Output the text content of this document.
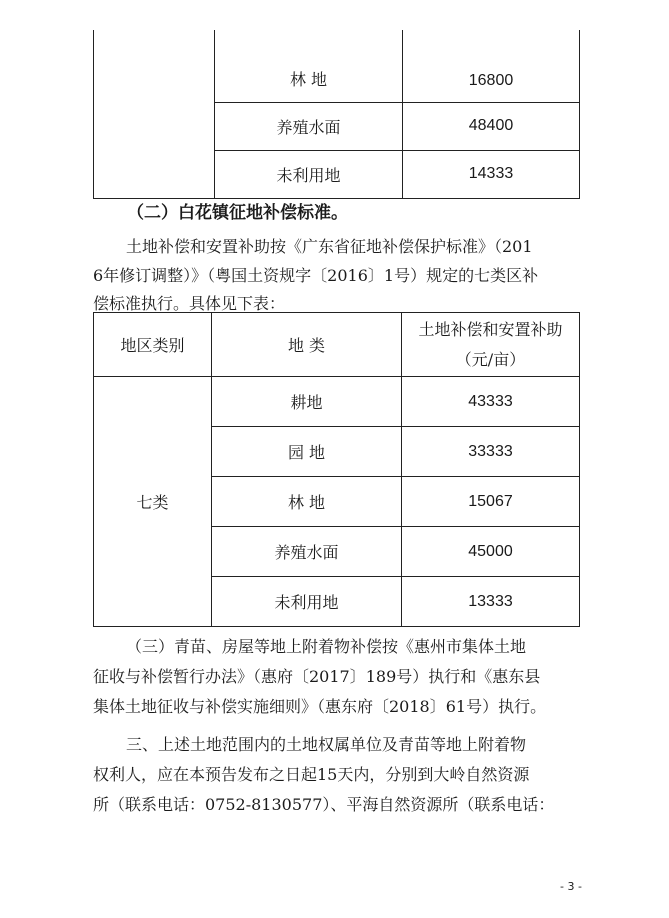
	林 地	16800
	养殖水面	48400
	未利用地	14333
（二）白花镇征地补偿标准。
土地补偿和安置补助按《广东省征地补偿保护标准》（201
6年修订调整）》（粤国土资规字〔2016〕1号）规定的七类区补
偿标准执行。具体见下表：
地区类别	地 类	土地补偿和安置补助
（元/亩）

七类	耕地	43333
	园 地	33333
	林 地	15067
	养殖水面	45000
	未利用地	13333
（三）青苗、房屋等地上附着物补偿按《惠州市集体土地
征收与补偿暂行办法》（惠府〔2017〕189号）执行和《惠东县
集体土地征收与补偿实施细则》（惠东府〔2018〕61号）执行。
三、上述土地范围内的土地权属单位及青苗等地上附着物
权利人，应在本预告发布之日起15天内，分别到大岭自然资源
所（联系电话：0752-8130577）、平海自然资源所（联系电话：
- 3 -
